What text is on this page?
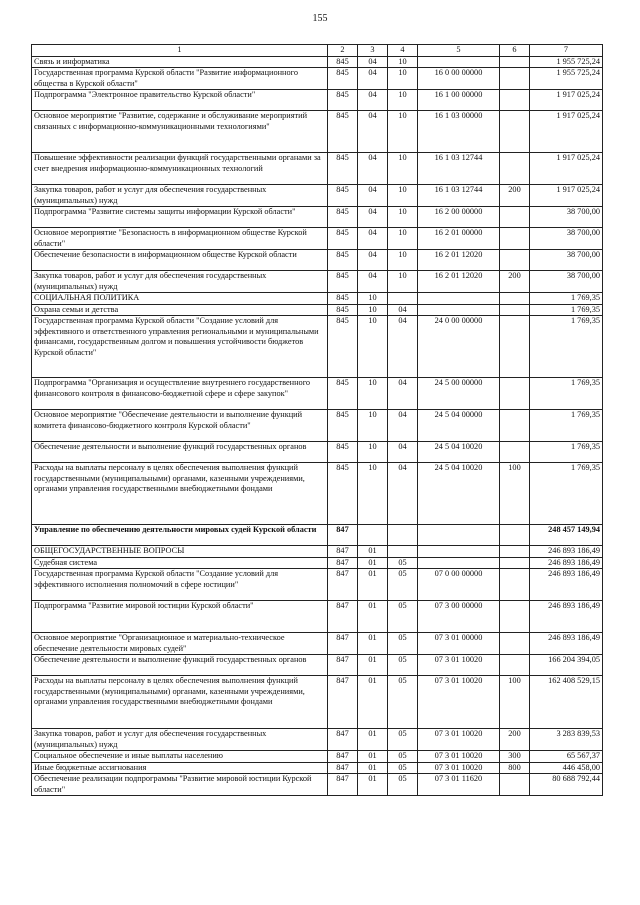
155
1	2	3	4	5	6	7
Связь и информатика	845	04	10			1 955 725,24
Государственная программа Курской области "Развитие информационного общества в Курской области"	845	04	10	16 0 00 00000		1 955 725,24
Подпрограмма "Электронное правительство Курской области"	845	04	10	16 1 00 00000		1 917 025,24
Основное мероприятие "Развитие, содержание и обслуживание мероприятий связанных с информационно-коммуникационными технологиями"	845	04	10	16 1 03 00000		1 917 025,24
Повышение эффективности реализации функций государственными органами за счет внедрения информационно-коммуникационных технологий	845	04	10	16 1 03 12744		1 917 025,24
Закупка товаров, работ и услуг для обеспечения государственных (муниципальных) нужд	845	04	10	16 1 03 12744	200	1 917 025,24
Подпрограмма "Развитие системы защиты информации Курской области"	845	04	10	16 2 00 00000		38 700,00
Основное мероприятие "Безопасность в информационном обществе Курской области"	845	04	10	16 2 01 00000		38 700,00
Обеспечение безопасности в информационном обществе Курской области	845	04	10	16 2 01 12020		38 700,00
Закупка товаров, работ и услуг для обеспечения государственных (муниципальных) нужд	845	04	10	16 2 01 12020	200	38 700,00
СОЦИАЛЬНАЯ ПОЛИТИКА	845	10				1 769,35
Охрана семьи и детства	845	10	04			1 769,35
Государственная программа Курской области "Создание условий для эффективного и ответственного управления региональными и муниципальными финансами, государственным долгом и повышения устойчивости бюджетов Курской области"	845	10	04	24 0 00 00000		1 769,35
Подпрограмма "Организация и осуществление внутреннего государственного финансового контроля в финансово-бюджетной сфере и сфере закупок"	845	10	04	24 5 00 00000		1 769,35
Основное мероприятие "Обеспечение деятельности и выполнение функций комитета финансово-бюджетного контроля Курской области"	845	10	04	24 5 04 00000		1 769,35
Обеспечение деятельности и выполнение функций государственных органов	845	10	04	24 5 04 10020		1 769,35
Расходы на выплаты персоналу в целях обеспечения выполнения функций государственными (муниципальными) органами, казенными учреждениями, органами управления государственными внебюджетными фондами	845	10	04	24 5 04 10020	100	1 769,35
Управление по обеспечению деятельности мировых судей Курской области	847					248 457 149,94
ОБЩЕГОСУДАРСТВЕННЫЕ ВОПРОСЫ	847	01				246 893 186,49
Судебная система	847	01	05			246 893 186,49
Государственная программа Курской области "Создание условий для эффективного исполнения полномочий в сфере юстиции"	847	01	05	07 0 00 00000		246 893 186,49
Подпрограмма "Развитие мировой юстиции Курской области"	847	01	05	07 3 00 00000		246 893 186,49
Основное мероприятие "Организационное и материально-техническое обеспечение деятельности мировых судей"	847	01	05	07 3 01 00000		246 893 186,49
Обеспечение деятельности и выполнение функций государственных органов	847	01	05	07 3 01 10020		166 204 394,05
Расходы на выплаты персоналу в целях обеспечения выполнения функций государственными (муниципальными) органами, казенными учреждениями, органами управления государственными внебюджетными фондами	847	01	05	07 3 01 10020	100	162 408 529,15
Закупка товаров, работ и услуг для обеспечения государственных (муниципальных) нужд	847	01	05	07 3 01 10020	200	3 283 839,53
Социальное обеспечение и иные выплаты населению	847	01	05	07 3 01 10020	300	65 567,37
Иные бюджетные ассигнования	847	01	05	07 3 01 10020	800	446 458,00
Обеспечение реализации подпрограммы "Развитие мировой юстиции Курской области"	847	01	05	07 3 01 11620		80 688 792,44
